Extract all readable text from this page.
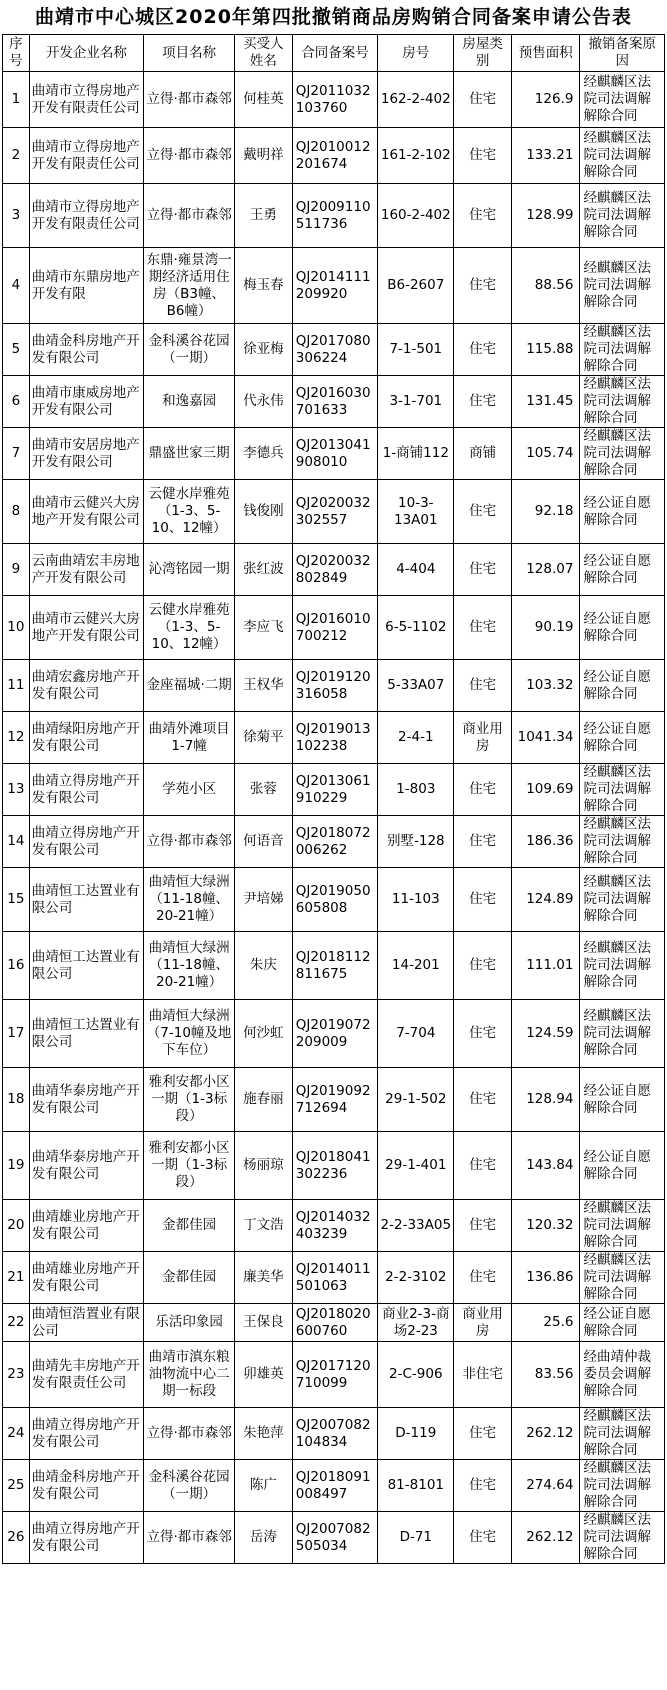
曲靖市中心城区2020年第四批撤销商品房购销合同备案申请公告表
序号	开发企业名称	项目名称	买受人姓名	合同备案号	房号	房屋类别	预售面积	撤销备案原因
1	曲靖市立得房地产开发有限责任公司	立得·都市森邻	何桂英	QJ2011032103760	162-2-402	住宅	126.9	经麒麟区法院司法调解解除合同
2	曲靖市立得房地产开发有限责任公司	立得·都市森邻	戴明祥	QJ2010012201674	161-2-102	住宅	133.21	经麒麟区法院司法调解解除合同
3	曲靖市立得房地产开发有限责任公司	立得·都市森邻	王勇	QJ2009110511736	160-2-402	住宅	128.99	经麒麟区法院司法调解解除合同
4	曲靖市东鼎房地产开发有限	东鼎·雍景湾一期经济适用住房（B3幢、B6幢）	梅玉春	QJ2014111209920	B6-2607	住宅	88.56	经麒麟区法院司法调解解除合同
5	曲靖金科房地产开发有限公司	金科溪谷花园（一期）	徐亚梅	QJ2017080306224	7-1-501	住宅	115.88	经麒麟区法院司法调解解除合同
6	曲靖市康威房地产开发有限公司	和逸嘉园	代永伟	QJ2016030701633	3-1-701	住宅	131.45	经麒麟区法院司法调解解除合同
7	曲靖市安居房地产开发有限公司	鼎盛世家三期	李德兵	QJ2013041908010	1-商铺112	商铺	105.74	经麒麟区法院司法调解解除合同
8	曲靖市云健兴大房地产开发有限公司	云健水岸雅苑（1-3、5-10、12幢）	钱俊刚	QJ2020032302557	10-3-13A01	住宅	92.18	经公证自愿解除合同
9	云南曲靖宏丰房地产开发有限公司	沁湾铭园一期	张红波	QJ2020032802849	4-404	住宅	128.07	经公证自愿解除合同
10	曲靖市云健兴大房地产开发有限公司	云健水岸雅苑（1-3、5-10、12幢）	李应飞	QJ2016010700212	6-5-1102	住宅	90.19	经公证自愿解除合同
11	曲靖宏鑫房地产开发有限公司	金座福城·二期	王权华	QJ2019120316058	5-33A07	住宅	103.32	经公证自愿解除合同
12	曲靖绿阳房地产开发有限公司	曲靖外滩项目1-7幢	徐菊平	QJ2019013102238	2-4-1	商业用房	1041.34	经公证自愿解除合同
13	曲靖立得房地产开发有限公司	学苑小区	张蓉	QJ2013061910229	1-803	住宅	109.69	经麒麟区法院司法调解解除合同
14	曲靖立得房地产开发有限公司	立得·都市森邻	何语音	QJ2018072006262	别墅-128	住宅	186.36	经麒麟区法院司法调解解除合同
15	曲靖恒工达置业有限公司	曲靖恒大绿洲（11-18幢、20-21幢）	尹培娣	QJ2019050605808	11-103	住宅	124.89	经麒麟区法院司法调解解除合同
16	曲靖恒工达置业有限公司	曲靖恒大绿洲（11-18幢、20-21幢）	朱庆	QJ2018112811675	14-201	住宅	111.01	经麒麟区法院司法调解解除合同
17	曲靖恒工达置业有限公司	曲靖恒大绿洲（7-10幢及地下车位）	何沙虹	QJ2019072209009	7-704	住宅	124.59	经麒麟区法院司法调解解除合同
18	曲靖华泰房地产开发有限公司	雅利安都小区一期（1-3标段）	施春丽	QJ2019092712694	29-1-502	住宅	128.94	经公证自愿解除合同
19	曲靖华泰房地产开发有限公司	雅利安都小区一期（1-3标段）	杨丽琼	QJ2018041302236	29-1-401	住宅	143.84	经公证自愿解除合同
20	曲靖雄业房地产开发有限公司	金都佳园	丁文浩	QJ2014032403239	2-2-33A05	住宅	120.32	经麒麟区法院司法调解解除合同
21	曲靖雄业房地产开发有限公司	金都佳园	廉美华	QJ2014011501063	2-2-3102	住宅	136.86	经麒麟区法院司法调解解除合同
22	曲靖恒浩置业有限公司	乐活印象园	王保良	QJ2018020600760	商业2-3-商场2-23	商业用房	25.6	经公证自愿解除合同
23	曲靖先丰房地产开发有限责任公司	曲靖市滇东粮油物流中心二期一标段	卯雄英	QJ2017120710099	2-C-906	非住宅	83.56	经曲靖仲裁委员会调解解除合同
24	曲靖立得房地产开发有限公司	立得·都市森邻	朱艳萍	QJ2007082104834	D-119	住宅	262.12	经麒麟区法院司法调解解除合同
25	曲靖金科房地产开发有限公司	金科溪谷花园（一期）	陈广	QJ2018091008497	81-8101	住宅	274.64	经麒麟区法院司法调解解除合同
26	曲靖立得房地产开发有限公司	立得·都市森邻	岳涛	QJ2007082505034	D-71	住宅	262.12	经麒麟区法院司法调解解除合同
